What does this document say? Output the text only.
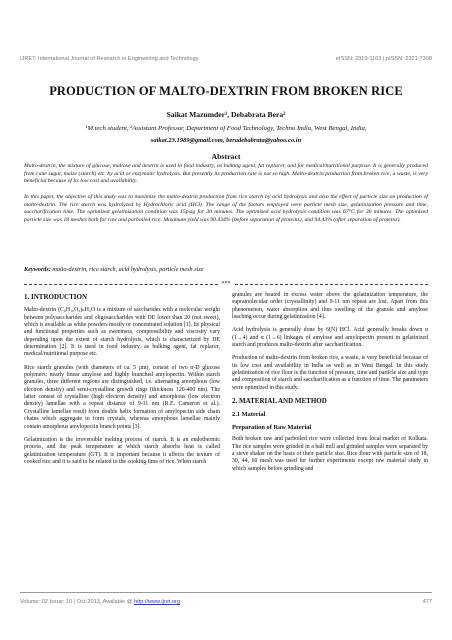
IJRET: International Journal of Research in Engineering and Technology	eISSN: 2319-1163 | pISSN: 2321-7308
PRODUCTION OF MALTO-DEXTRIN FROM BROKEN RICE
Saikat Mazumder¹, Debabrata Bera²
¹M.tech student, ²Assistant Professor, Department of Food Technology, Techno India, West Bengal, India,
saikat.23.1989@gmail.com, beradebabrata@yahoo.co.in
Abstract

Malto-dextrin, the mixture of glucose, maltose and dextrin is used in food industry, as bulking agent, fat replacer, and for medical/nutritional purpose. It is generally produced from cane sugar, maize (starch) etc. by acid or enzymatic hydrolysis. But presently its production rate is not so high. Malto-dextrin production from broken rice, a waste, is very beneficial because of its low cost and availability.

In this paper, the objective of this study was to maximize the malto-dextrin production from rice starch by acid hydrolysis and also the effect of particle size on production of malto-dextrin. The rice starch was hydrolyzed by Hydrochloric acid (HCl). The range of the factors employed were particle mesh size, gelatinization pressure and time, saccharification time. The optimized gelatinization condition was 15psig for 30 minutes. The optimized acid hydrolysis condition was 67°C for 30 minutes. The optimized particle size was 18 meshes both for raw and parboiled rice. Maximum yield was 90.434% (before separation of proteins), and 94.43% (after separation of proteins).

Keywords: malto-dextrin, rice starch, acid hydrolysis, particle mesh size
***
1. INTRODUCTION

Malto-dextrin (C₆H₁₀O₅)ₙH₂O is a mixture of saccharides with a molecular weight between polysaccharides and oligosaccharides with DE lower than 20 (not sweet), which is available as white powders mostly or concentrated solution [1]. Its physical and functional properties such as sweetness, compressibility and viscosity vary depending upon the extent of starch hydrolysis, which is characterized by DE determination [2]. It is used in food industry, as bulking agent, fat replacer, medical/nutritional purpose etc.

Rice starch granules (with diameters of ca. 5 μm), consist of two α-D glucose polymers: nearly linear amylose and highly branched amylopectin. Within starch granules, three different regions are distinguished, i.e. alternating amorphous (low electron density) and semi-crystalline growth rings (thickness 120-400 nm). The latter consist of crystalline (high electron density) and amorphous (low electron density) lamellae with a repeat distance of 9-11 nm (R.E. Cameron et al.). Crystalline lamellae result from double helix formation of amylopectin side chain chains which aggregate to form crystals, whereas amorphous lamellae mainly contain amorphous amylopectin branch points [3].

Gelatinization is the irreversible melting process of starch. It is an endothermic process, and the peak temperature at which starch absorbs heat is called gelatinization temperature (GT). It is important because it affects the texture of cooked rice and it is said to be related to the cooking time of rice. When starch

granules are heated in excess water above the gelatinization temperature, the supramolecular order (crystallinity) and 9-11 nm repeat are lost. Apart from this phenomenon, water absorption and thus swelling of the granule and amylose leaching occur during gelatinization [4].

Acid hydrolysis is generally done by 6(N) HCl. Acid generally breaks down α (1→4) and α (1→6) linkages of amylose and amylopectin present in gelatinized starch and produces malto-dextrin after saccharification.

Production of malto-dextrin from broken rice, a waste, is very beneficial because of its low cost and availability in India as well as in West Bengal. In this study gelatinization of rice flour is the function of pressure, time and particle size and type and composition of starch and saccharification as a function of time. The parameters were optimized in this study.

2. MATERIAL AND METHOD
2.1 Material
Preparation of Raw Material

Both broken raw and parboiled rice were collected from local market of Kolkata. The rice samples were grinded in a ball mill and grinded samples were separated by a sieve shaker on the basis of their particle size. Rice flour with particle size of 18, 30, 44, 60 mesh was used for further experiments except raw material study in which samples before grinding and

Volume: 02 Issue: 10 | Oct-2013, Available @ http://www.ijret.org	477
